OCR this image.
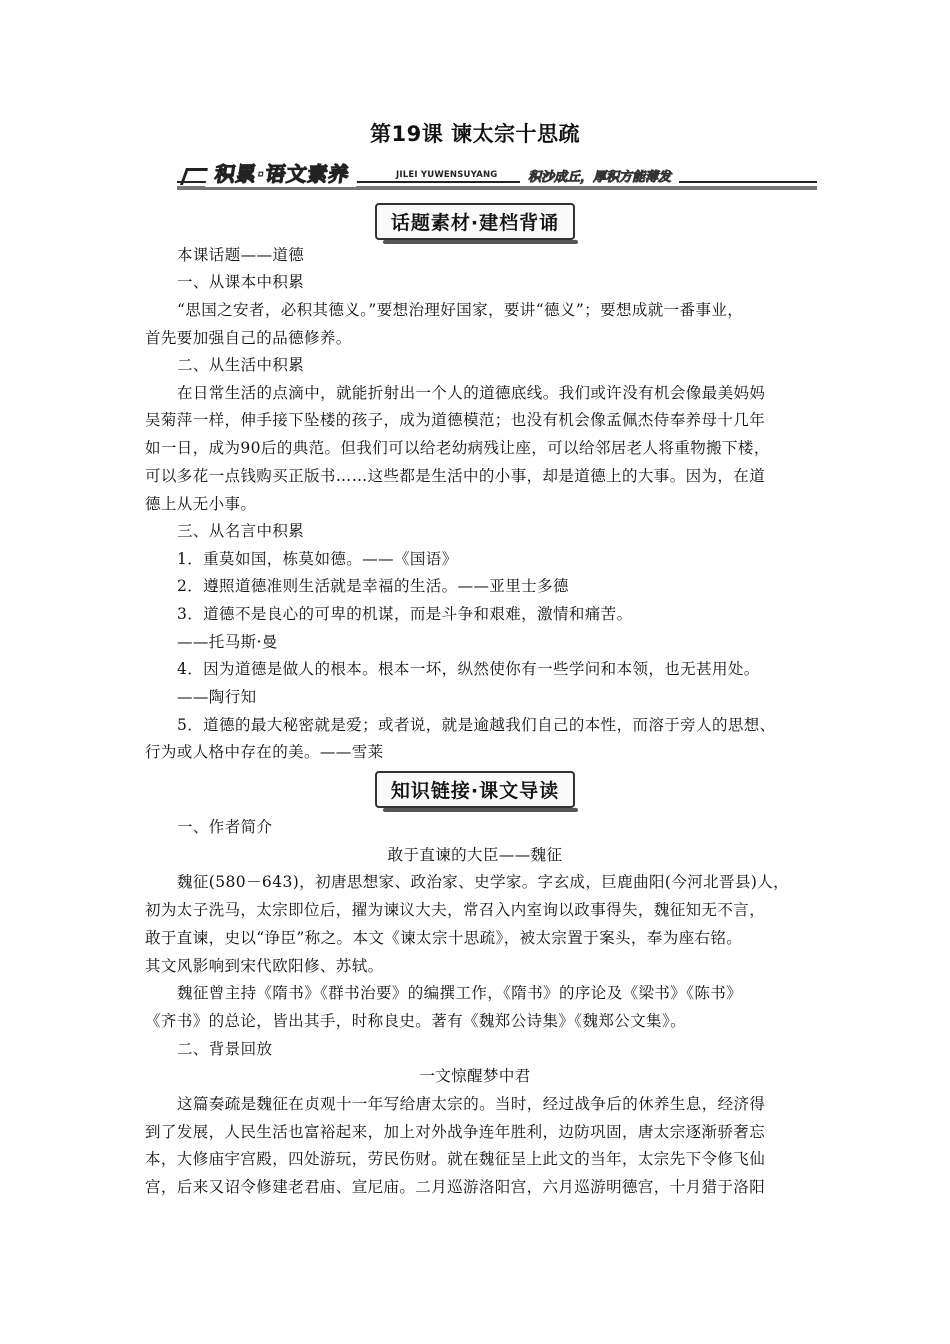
第19课 谏太宗十思疏
积累·语文素养	JILEI YUWENSUYANG	积沙成丘，厚积方能薄发
话题素材·建档背诵
本课话题——道德
一、从课本中积累
“思国之安者，必积其德义。”要想治理好国家，要讲“德义”；要想成就一番事业，
首先要加强自己的品德修养。
二、从生活中积累
在日常生活的点滴中，就能折射出一个人的道德底线。我们或许没有机会像最美妈妈
吴菊萍一样，伸手接下坠楼的孩子，成为道德模范；也没有机会像孟佩杰侍奉养母十几年
如一日，成为90后的典范。但我们可以给老幼病残让座，可以给邻居老人将重物搬下楼，
可以多花一点钱购买正版书……这些都是生活中的小事，却是道德上的大事。因为，在道
德上从无小事。
三、从名言中积累
1．重莫如国，栋莫如德。——《国语》
2．遵照道德准则生活就是幸福的生活。——亚里士多德
3．道德不是良心的可卑的机谋，而是斗争和艰难，激情和痛苦。
——托马斯·曼
4．因为道德是做人的根本。根本一坏，纵然使你有一些学问和本领，也无甚用处。
——陶行知
5．道德的最大秘密就是爱；或者说，就是逾越我们自己的本性，而溶于旁人的思想、
行为或人格中存在的美。——雪莱
知识链接·课文导读
一、作者简介
敢于直谏的大臣——魏征
魏征(580－643)，初唐思想家、政治家、史学家。字玄成，巨鹿曲阳(今河北晋县)人，
初为太子洗马，太宗即位后，擢为谏议大夫，常召入内室询以政事得失，魏征知无不言，
敢于直谏，史以“诤臣”称之。本文《谏太宗十思疏》，被太宗置于案头，奉为座右铭。
其文风影响到宋代欧阳修、苏轼。
魏征曾主持《隋书》《群书治要》的编撰工作，《隋书》的序论及《梁书》《陈书》
《齐书》的总论，皆出其手，时称良史。著有《魏郑公诗集》《魏郑公文集》。
二、背景回放
一文惊醒梦中君
这篇奏疏是魏征在贞观十一年写给唐太宗的。当时，经过战争后的休养生息，经济得
到了发展，人民生活也富裕起来，加上对外战争连年胜利，边防巩固，唐太宗逐渐骄奢忘
本，大修庙宇宫殿，四处游玩，劳民伤财。就在魏征呈上此文的当年，太宗先下令修飞仙
宫，后来又诏令修建老君庙、宣尼庙。二月巡游洛阳宫，六月巡游明德宫，十月猎于洛阳
